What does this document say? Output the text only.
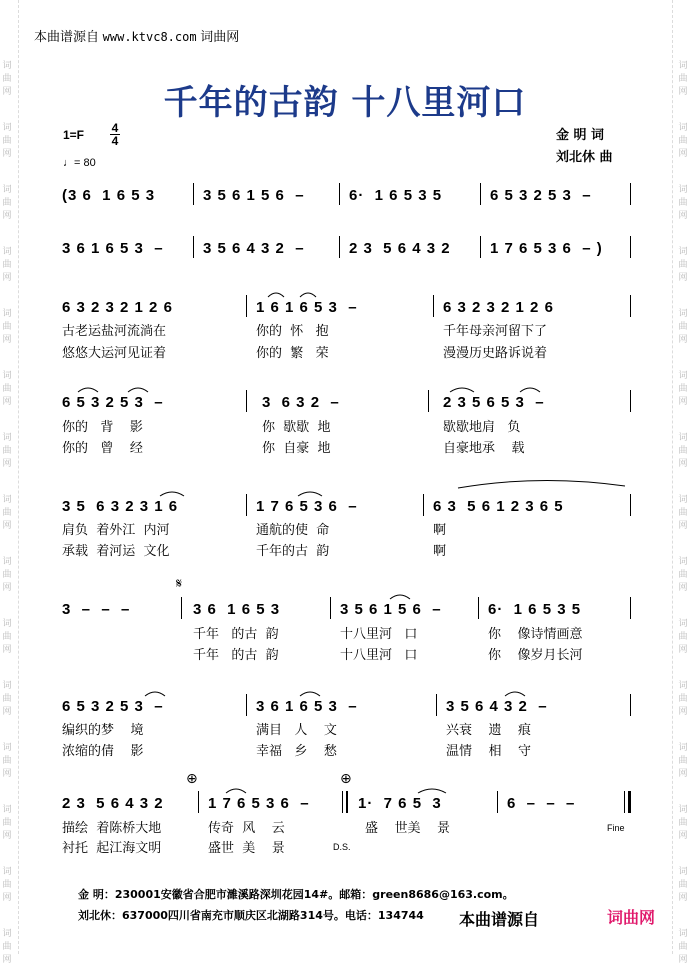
词
曲
网
词
曲
网
词
曲
网
词
曲
网
词
曲
网
词
曲
网
词
曲
网
词
曲
网
词
曲
网
词
曲
网
词
曲
网
词
曲
网
词
曲
网
词
曲
网
词
曲
网
词
曲
网
词
曲
网
词
曲
网
词
曲
网
词
曲
网
词
曲
网
词
曲
网
词
曲
网
词
曲
网
词
曲
网
词
曲
网
词
曲
网
词
曲
网
词
曲
网
词
曲
网
本曲谱源自 www.ktvc8.com 词曲网
千年的古韵 十八里河口
1=F 4
4
♩= 80
金 明 词
刘北休 曲
(3 6  1 6 5 3	3 5 6 1 5 6  –	6·  1 6 5 3 5	6 5 3 2 5 3  –
3 6 1 6 5 3  –	3 5 6 4 3 2  –	2 3  5 6 4 3 2	1 7 6 5 3 6  – )
6 3 2 3 2 1 2 6	1 6 1 6 5 3  –	6 3 2 3 2 1 2 6

古老运盐河流淌在

	你的  怀   抱

	千年母亲河留下了

悠悠大运河见证着

	你的  繁   荣

	漫漫历史路诉说着

6 5 3 2 5 3  –	3  6 3 2  –	2 3 5 6 5 3  –

你的   背    影

	你  歇歇  地

	歇歇地肩   负

你的   曾    经

	你  自豪  地

	自豪地承    载

3 5  6 3 2 3 1 6	1 7 6 5 3 6  –	6 3  5 6 1 2 3 6 5

肩负  着外江  内河

	通航的使  命

	啊

承载  着河运  文化

	千年的古  韵

	啊

𝄋
3  –  –  –	3 6  1 6 5 3	3 5 6 1 5 6  –	6·  1 6 5 3 5

千年   的古  韵

	十八里河   口

	你    像诗情画意

千年   的古  韵

	十八里河   口

	你    像岁月长河

6 5 3 2 5 3  –	3 6 1 6 5 3  –	3 5 6 4 3 2  –

编织的梦    境

	满目   人    文

	兴衰    遗    痕

浓缩的倩    影

	幸福   乡    愁

	温情    相    守

⊕	⊕
2 3  5 6 4 3 2	1 7 6 5 3 6  –	1·  7 6 5  3	6  –  –  –

描绘  着陈桥大地

	传奇  风    云

	盛    世美    景

衬托  起江海文明

	盛世  美    景

Fine
D.S.
金 明：230001安徽省合肥市濉溪路深圳花园14#。邮箱：green8686@163.com。
刘北休：637000四川省南充市顺庆区北湖路314号。电话：134744 本曲谱源自	词曲网
